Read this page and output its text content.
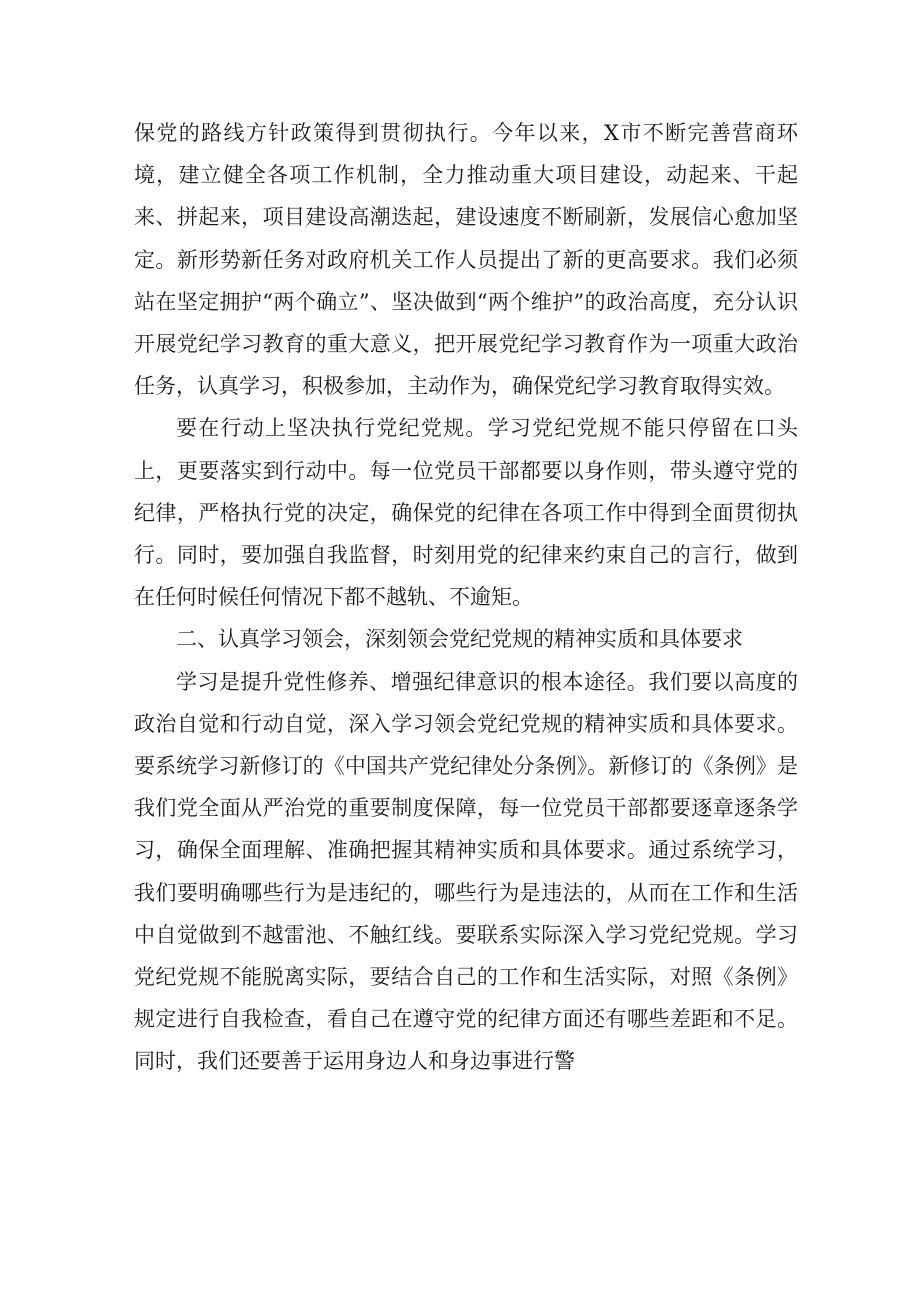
保党的路线方针政策得到贯彻执行。今年以来，X市不断完善营商环境，建立健全各项工作机制，全力推动重大项目建设，动起来、干起来、拼起来，项目建设高潮迭起，建设速度不断刷新，发展信心愈加坚定。新形势新任务对政府机关工作人员提出了新的更高要求。我们必须站在坚定拥护“两个确立”、坚决做到“两个维护”的政治高度，充分认识开展党纪学习教育的重大意义，把开展党纪学习教育作为一项重大政治任务，认真学习，积极参加，主动作为，确保党纪学习教育取得实效。

要在行动上坚决执行党纪党规。学习党纪党规不能只停留在口头上，更要落实到行动中。每一位党员干部都要以身作则，带头遵守党的纪律，严格执行党的决定，确保党的纪律在各项工作中得到全面贯彻执行。同时，要加强自我监督，时刻用党的纪律来约束自己的言行，做到在任何时候任何情况下都不越轨、不逾矩。

二、认真学习领会，深刻领会党纪党规的精神实质和具体要求

学习是提升党性修养、增强纪律意识的根本途径。我们要以高度的政治自觉和行动自觉，深入学习领会党纪党规的精神实质和具体要求。要系统学习新修订的《中国共产党纪律处分条例》。新修订的《条例》是我们党全面从严治党的重要制度保障，每一位党员干部都要逐章逐条学习，确保全面理解、准确把握其精神实质和具体要求。通过系统学习，我们要明确哪些行为是违纪的，哪些行为是违法的，从而在工作和生活中自觉做到不越雷池、不触红线。要联系实际深入学习党纪党规。学习党纪党规不能脱离实际，要结合自己的工作和生活实际，对照《条例》规定进行自我检查，看自己在遵守党的纪律方面还有哪些差距和不足。同时，我们还要善于运用身边人和身边事进行警
